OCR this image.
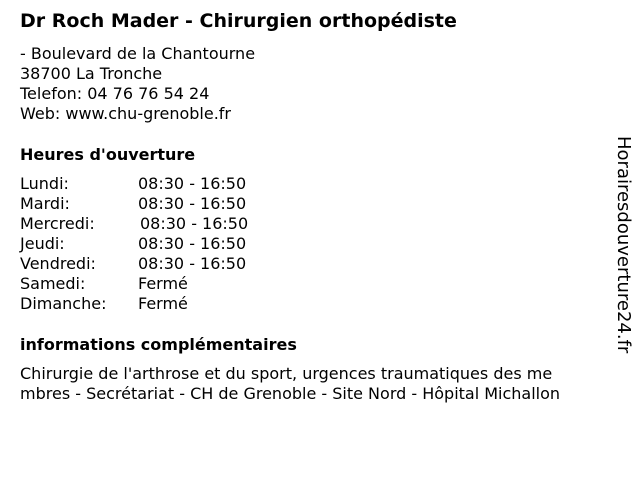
Dr Roch Mader - Chirurgien orthopédiste
- Boulevard de la Chantourne
38700 La Tronche
Telefon: 04 76 76 54 24
Web: www.chu-grenoble.fr
Heures d'ouverture
Lundi:	08:30 - 16:50
Mardi:	08:30 - 16:50
Mercredi:	08:30 - 16:50
Jeudi:	08:30 - 16:50
Vendredi:	08:30 - 16:50
Samedi:	Fermé
Dimanche: Fermé
informations complémentaires
Chirurgie de l'arthrose et du sport, urgences traumatiques des me
mbres - Secrétariat - CH de Grenoble - Site Nord - Hôpital Michallon
Horairesdouverture24.fr
